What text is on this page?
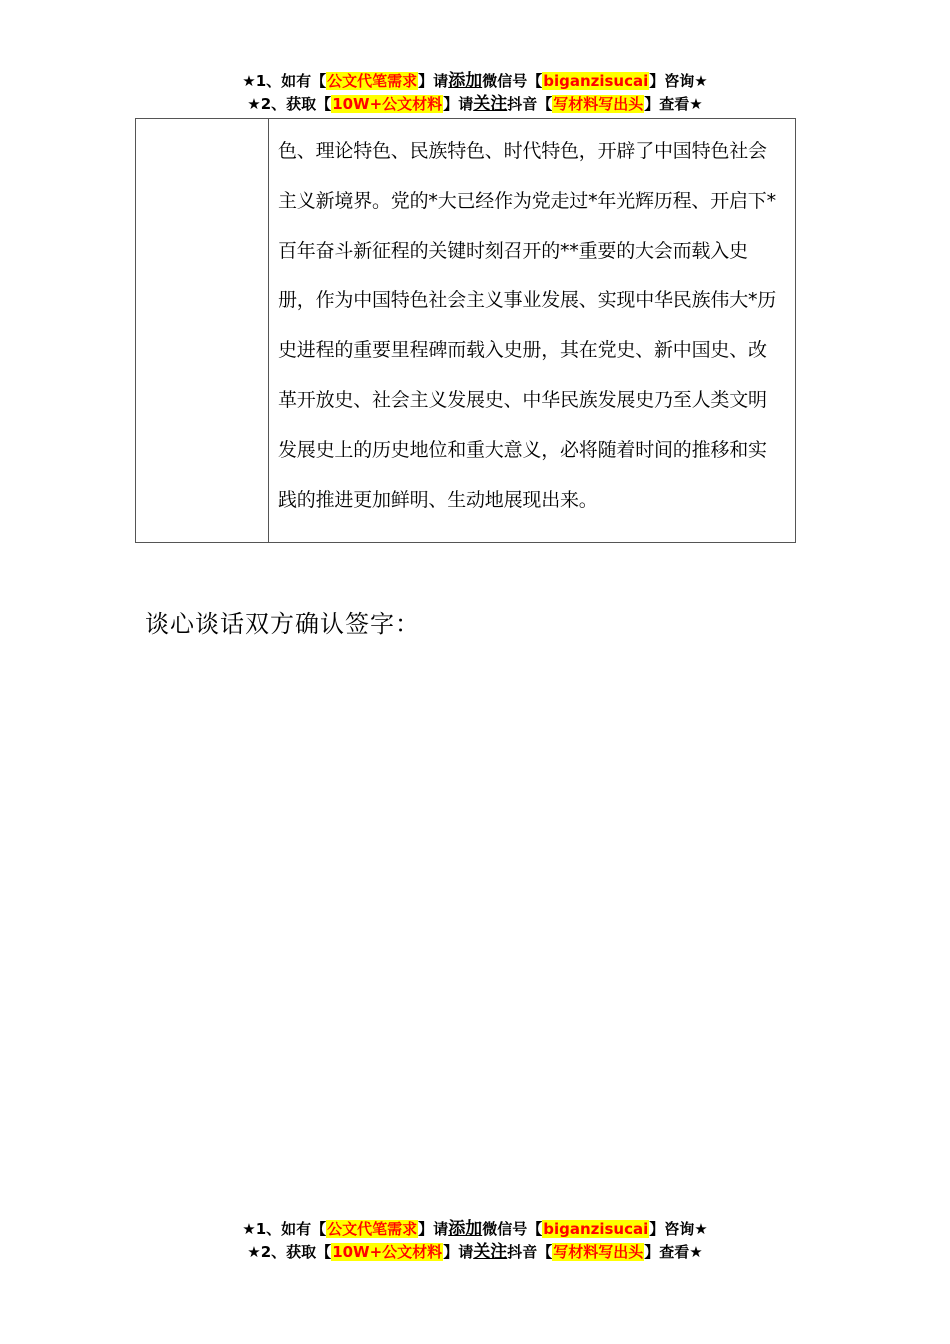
★1、如有【公文代笔需求】请添加微信号【biganzisucai】咨询★
★2、获取【10W+公文材料】请关注抖音【写材料写出头】查看★
色、理论特色、民族特色、时代特色，开辟了中国特色社会
主义新境界。党的*大已经作为党走过*年光辉历程、开启下*
百年奋斗新征程的关键时刻召开的**重要的大会而载入史
册，作为中国特色社会主义事业发展、实现中华民族伟大*历
史进程的重要里程碑而载入史册，其在党史、新中国史、改
革开放史、社会主义发展史、中华民族发展史乃至人类文明
发展史上的历史地位和重大意义，必将随着时间的推移和实
践的推进更加鲜明、生动地展现出来。
谈心谈话双方确认签字：
★1、如有【公文代笔需求】请添加微信号【biganzisucai】咨询★
★2、获取【10W+公文材料】请关注抖音【写材料写出头】查看★
